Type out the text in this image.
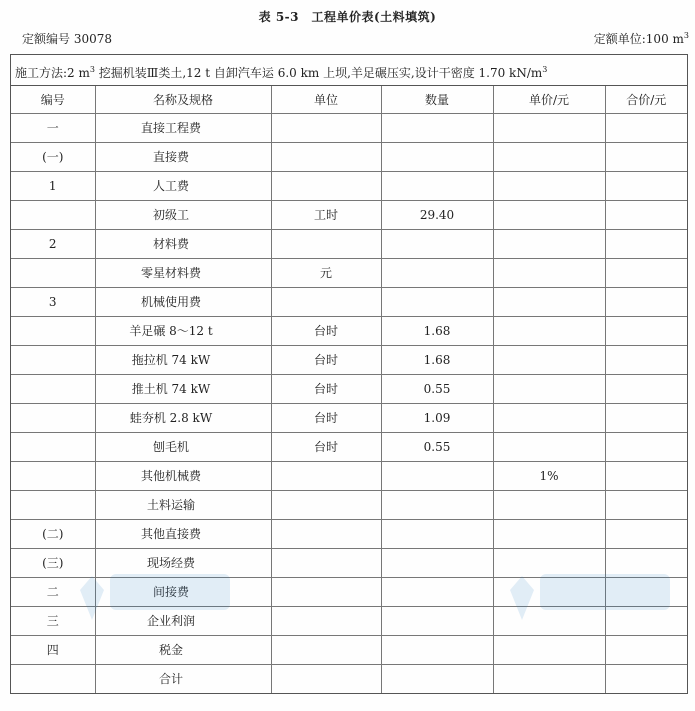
表 5-3　工程单价表(土料填筑)
定额编号 30078	定额单位:100 $m^3$
施工方法:2 $m^3$ 挖掘机装Ⅲ类土,12 t 自卸汽车运 6.0 km 上坝,羊足碾压实,设计干密度 1.70 $kN/m^3$
编号	名称及规格	单位	数量	单价/元	合价/元
一	直接工程费				
(一)	直接费				
1	人工费				
	初级工	工时	29.40		
2	材料费				
	零星材料费	元			
3	机械使用费				
	羊足碾 8～12 t	台时	1.68		
	拖拉机 74 kW	台时	1.68		
	推土机 74 kW	台时	0.55		
	蛙夯机 2.8 kW	台时	1.09		
	刨毛机	台时	0.55		
	其他机械费			1%	
	土料运输				
(二)	其他直接费				
(三)	现场经费				
二	间接费				
三	企业利润				
四	税金				
	合计				
